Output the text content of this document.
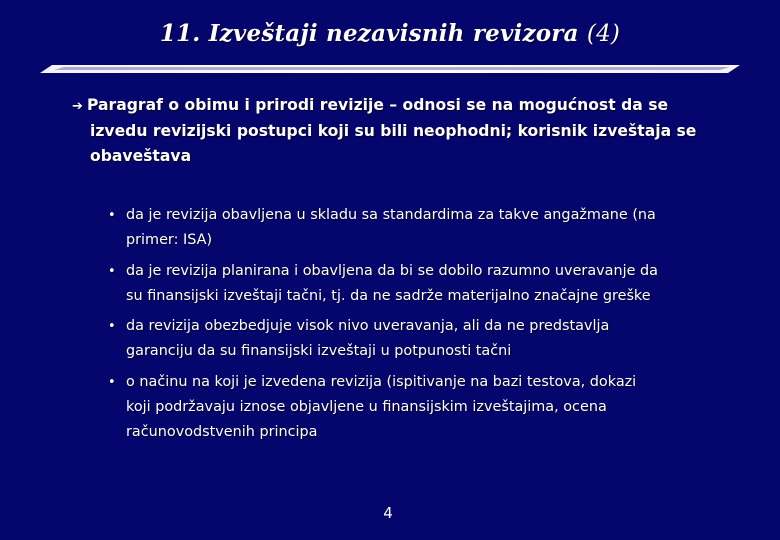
11. Izveštaji nezavisnih revizora (4)
➔ Paragraf o obimu i prirodi revizije – odnosi se na mogućnost da se
izvedu revizijski postupci koji su bili neophodni; korisnik izveštaja se
obaveštava
• da je revizija obavljena u skladu sa standardima za takve angažmane (na
primer: ISA)
• da je revizija planirana i obavljena da bi se dobilo razumno uveravanje da
su finansijski izveštaji tačni, tj. da ne sadrže materijalno značajne greške
• da revizija obezbedjuje visok nivo uveravanja, ali da ne predstavlja
garanciju da su finansijski izveštaji u potpunosti tačni
• o načinu na koji je izvedena revizija (ispitivanje na bazi testova, dokazi
koji podržavaju iznose objavljene u finansijskim izveštajima, ocena
računovodstvenih principa
4
